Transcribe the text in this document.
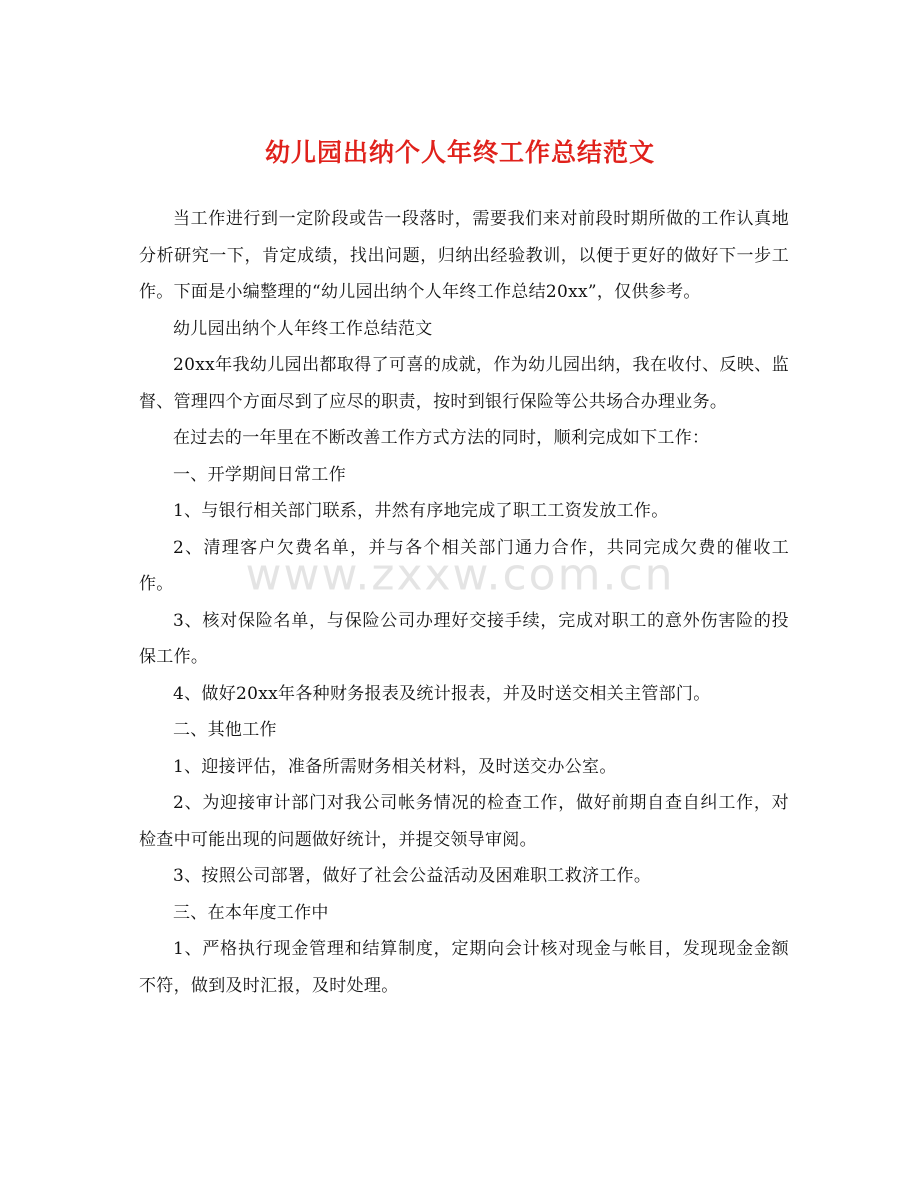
幼儿园出纳个人年终工作总结范文

当工作进行到一定阶段或告一段落时，需要我们来对前段时期所做的工作认真地分析研究一下，肯定成绩，找出问题，归纳出经验教训，以便于更好的做好下一步工作。下面是小编整理的“幼儿园出纳个人年终工作总结20xx”，仅供参考。

幼儿园出纳个人年终工作总结范文

20xx年我幼儿园出都取得了可喜的成就，作为幼儿园出纳，我在收付、反映、监督、管理四个方面尽到了应尽的职责，按时到银行保险等公共场合办理业务。

在过去的一年里在不断改善工作方式方法的同时，顺利完成如下工作：

一、开学期间日常工作

1、与银行相关部门联系，井然有序地完成了职工工资发放工作。

2、清理客户欠费名单，并与各个相关部门通力合作，共同完成欠费的催收工作。

3、核对保险名单，与保险公司办理好交接手续，完成对职工的意外伤害险的投保工作。

4、做好20xx年各种财务报表及统计报表，并及时送交相关主管部门。

二、其他工作

1、迎接评估，准备所需财务相关材料，及时送交办公室。

2、为迎接审计部门对我公司帐务情况的检查工作，做好前期自查自纠工作，对检查中可能出现的问题做好统计，并提交领导审阅。

3、按照公司部署，做好了社会公益活动及困难职工救济工作。

三、在本年度工作中

1、严格执行现金管理和结算制度，定期向会计核对现金与帐目，发现现金金额不符，做到及时汇报，及时处理。

www.zxxw.com.cn
